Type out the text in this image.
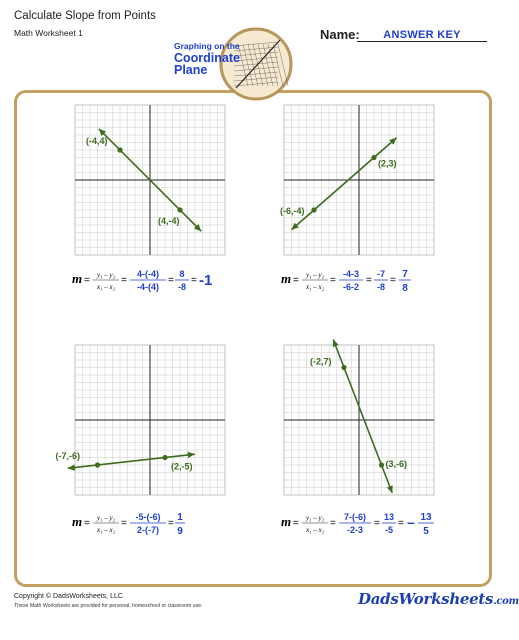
Calculate Slope from Points
Math Worksheet 1	Name:	ANSWER KEY
Graphing on the
Coordinate
Plane
(-4,4)
(4,-4)
(2,3)
(-6,-4)
(-7,-6)
(2,-5)
(-2,7)
(3,-6)
m = y₁ – y₂
x₁ – x₂
=
4-(-4)
-4-(4)
=
8
-8
= -1	m = y₁ – y₂
x₁ – x₂
=
-4-3
-6-2
=
-7
-8
=
7
8
m = y₁ – y₂
x₁ – x₂
=
-5-(-6)
2-(-7)
=
1
9
m = y₁ – y₂
x₁ – x₂
=
7-(-6)
-2-3
=
13
-5
= – 13
5
Copyright © DadsWorksheets, LLC
These Math Worksheets are provided for personal, homeschool or classroom use.	DadsWorksheets.com
